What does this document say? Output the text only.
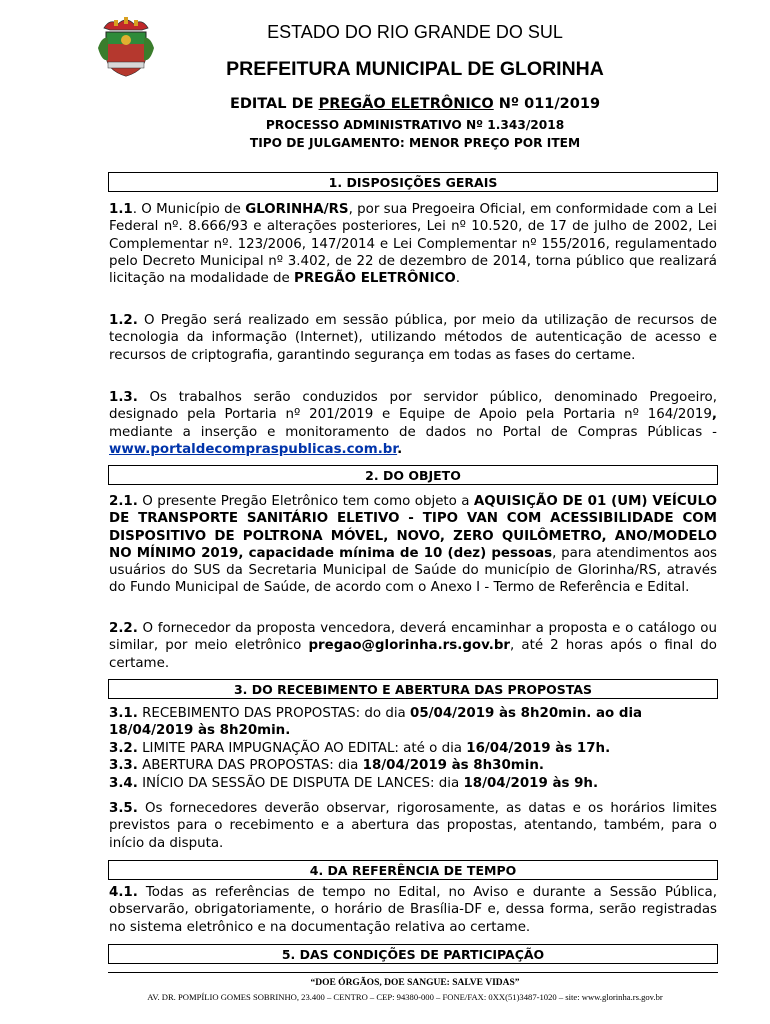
ESTADO DO RIO GRANDE DO SUL
PREFEITURA MUNICIPAL DE GLORINHA
EDITAL DE PREGÃO ELETRÔNICO Nº 011/2019
PROCESSO ADMINISTRATIVO Nº 1.343/2018
TIPO DE JULGAMENTO: MENOR PREÇO POR ITEM
1. DISPOSIÇÕES GERAIS

1.1. O Município de GLORINHA/RS, por sua Pregoeira Oficial, em conformidade com a Lei Federal nº. 8.666/93 e alterações posteriores, Lei nº 10.520, de 17 de julho de 2002, Lei Complementar nº. 123/2006, 147/2014 e Lei Complementar nº 155/2016, regulamentado pelo Decreto Municipal nº 3.402, de 22 de dezembro de 2014, torna público que realizará licitação na modalidade de PREGÃO ELETRÔNICO.

1.2. O Pregão será realizado em sessão pública, por meio da utilização de recursos de tecnologia da informação (Internet), utilizando métodos de autenticação de acesso e recursos de criptografia, garantindo segurança em todas as fases do certame.

1.3. Os trabalhos serão conduzidos por servidor público, denominado Pregoeiro, designado pela Portaria nº 201/2019 e Equipe de Apoio pela Portaria nº 164/2019, mediante a inserção e monitoramento de dados no Portal de Compras Públicas - www.portaldecompraspublicas.com.br.

2. DO OBJETO

2.1. O presente Pregão Eletrônico tem como objeto a AQUISIÇÃO DE 01 (UM) VEÍCULO DE TRANSPORTE SANITÁRIO ELETIVO - TIPO VAN COM ACESSIBILIDADE COM DISPOSITIVO DE POLTRONA MÓVEL, NOVO, ZERO QUILÔMETRO, ANO/MODELO NO MÍNIMO 2019, capacidade mínima de 10 (dez) pessoas, para atendimentos aos usuários do SUS da Secretaria Municipal de Saúde do município de Glorinha/RS, através do Fundo Municipal de Saúde, de acordo com o Anexo I - Termo de Referência e Edital.

2.2. O fornecedor da proposta vencedora, deverá encaminhar a proposta e o catálogo ou similar, por meio eletrônico pregao@glorinha.rs.gov.br, até 2 horas após o final do certame.

3. DO RECEBIMENTO E ABERTURA DAS PROPOSTAS

3.1. RECEBIMENTO DAS PROPOSTAS: do dia 05/04/2019 às 8h20min. ao dia 18/04/2019 às 8h20min.

3.2. LIMITE PARA IMPUGNAÇÃO AO EDITAL: até o dia 16/04/2019 às 17h.

3.3. ABERTURA DAS PROPOSTAS: dia 18/04/2019 às 8h30min.

3.4. INÍCIO DA SESSÃO DE DISPUTA DE LANCES: dia 18/04/2019 às 9h.

3.5. Os fornecedores deverão observar, rigorosamente, as datas e os horários limites previstos para o recebimento e a abertura das propostas, atentando, também, para o início da disputa.

4. DA REFERÊNCIA DE TEMPO

4.1. Todas as referências de tempo no Edital, no Aviso e durante a Sessão Pública, observarão, obrigatoriamente, o horário de Brasília-DF e, dessa forma, serão registradas no sistema eletrônico e na documentação relativa ao certame.

5. DAS CONDIÇÕES DE PARTICIPAÇÃO
“DOE ÓRGÃOS, DOE SANGUE: SALVE VIDAS”
AV. DR. POMPÍLIO GOMES SOBRINHO, 23.400 – CENTRO – CEP: 94380-000 – FONE/FAX: 0XX(51)3487-1020 – site: www.glorinha.rs.gov.br
